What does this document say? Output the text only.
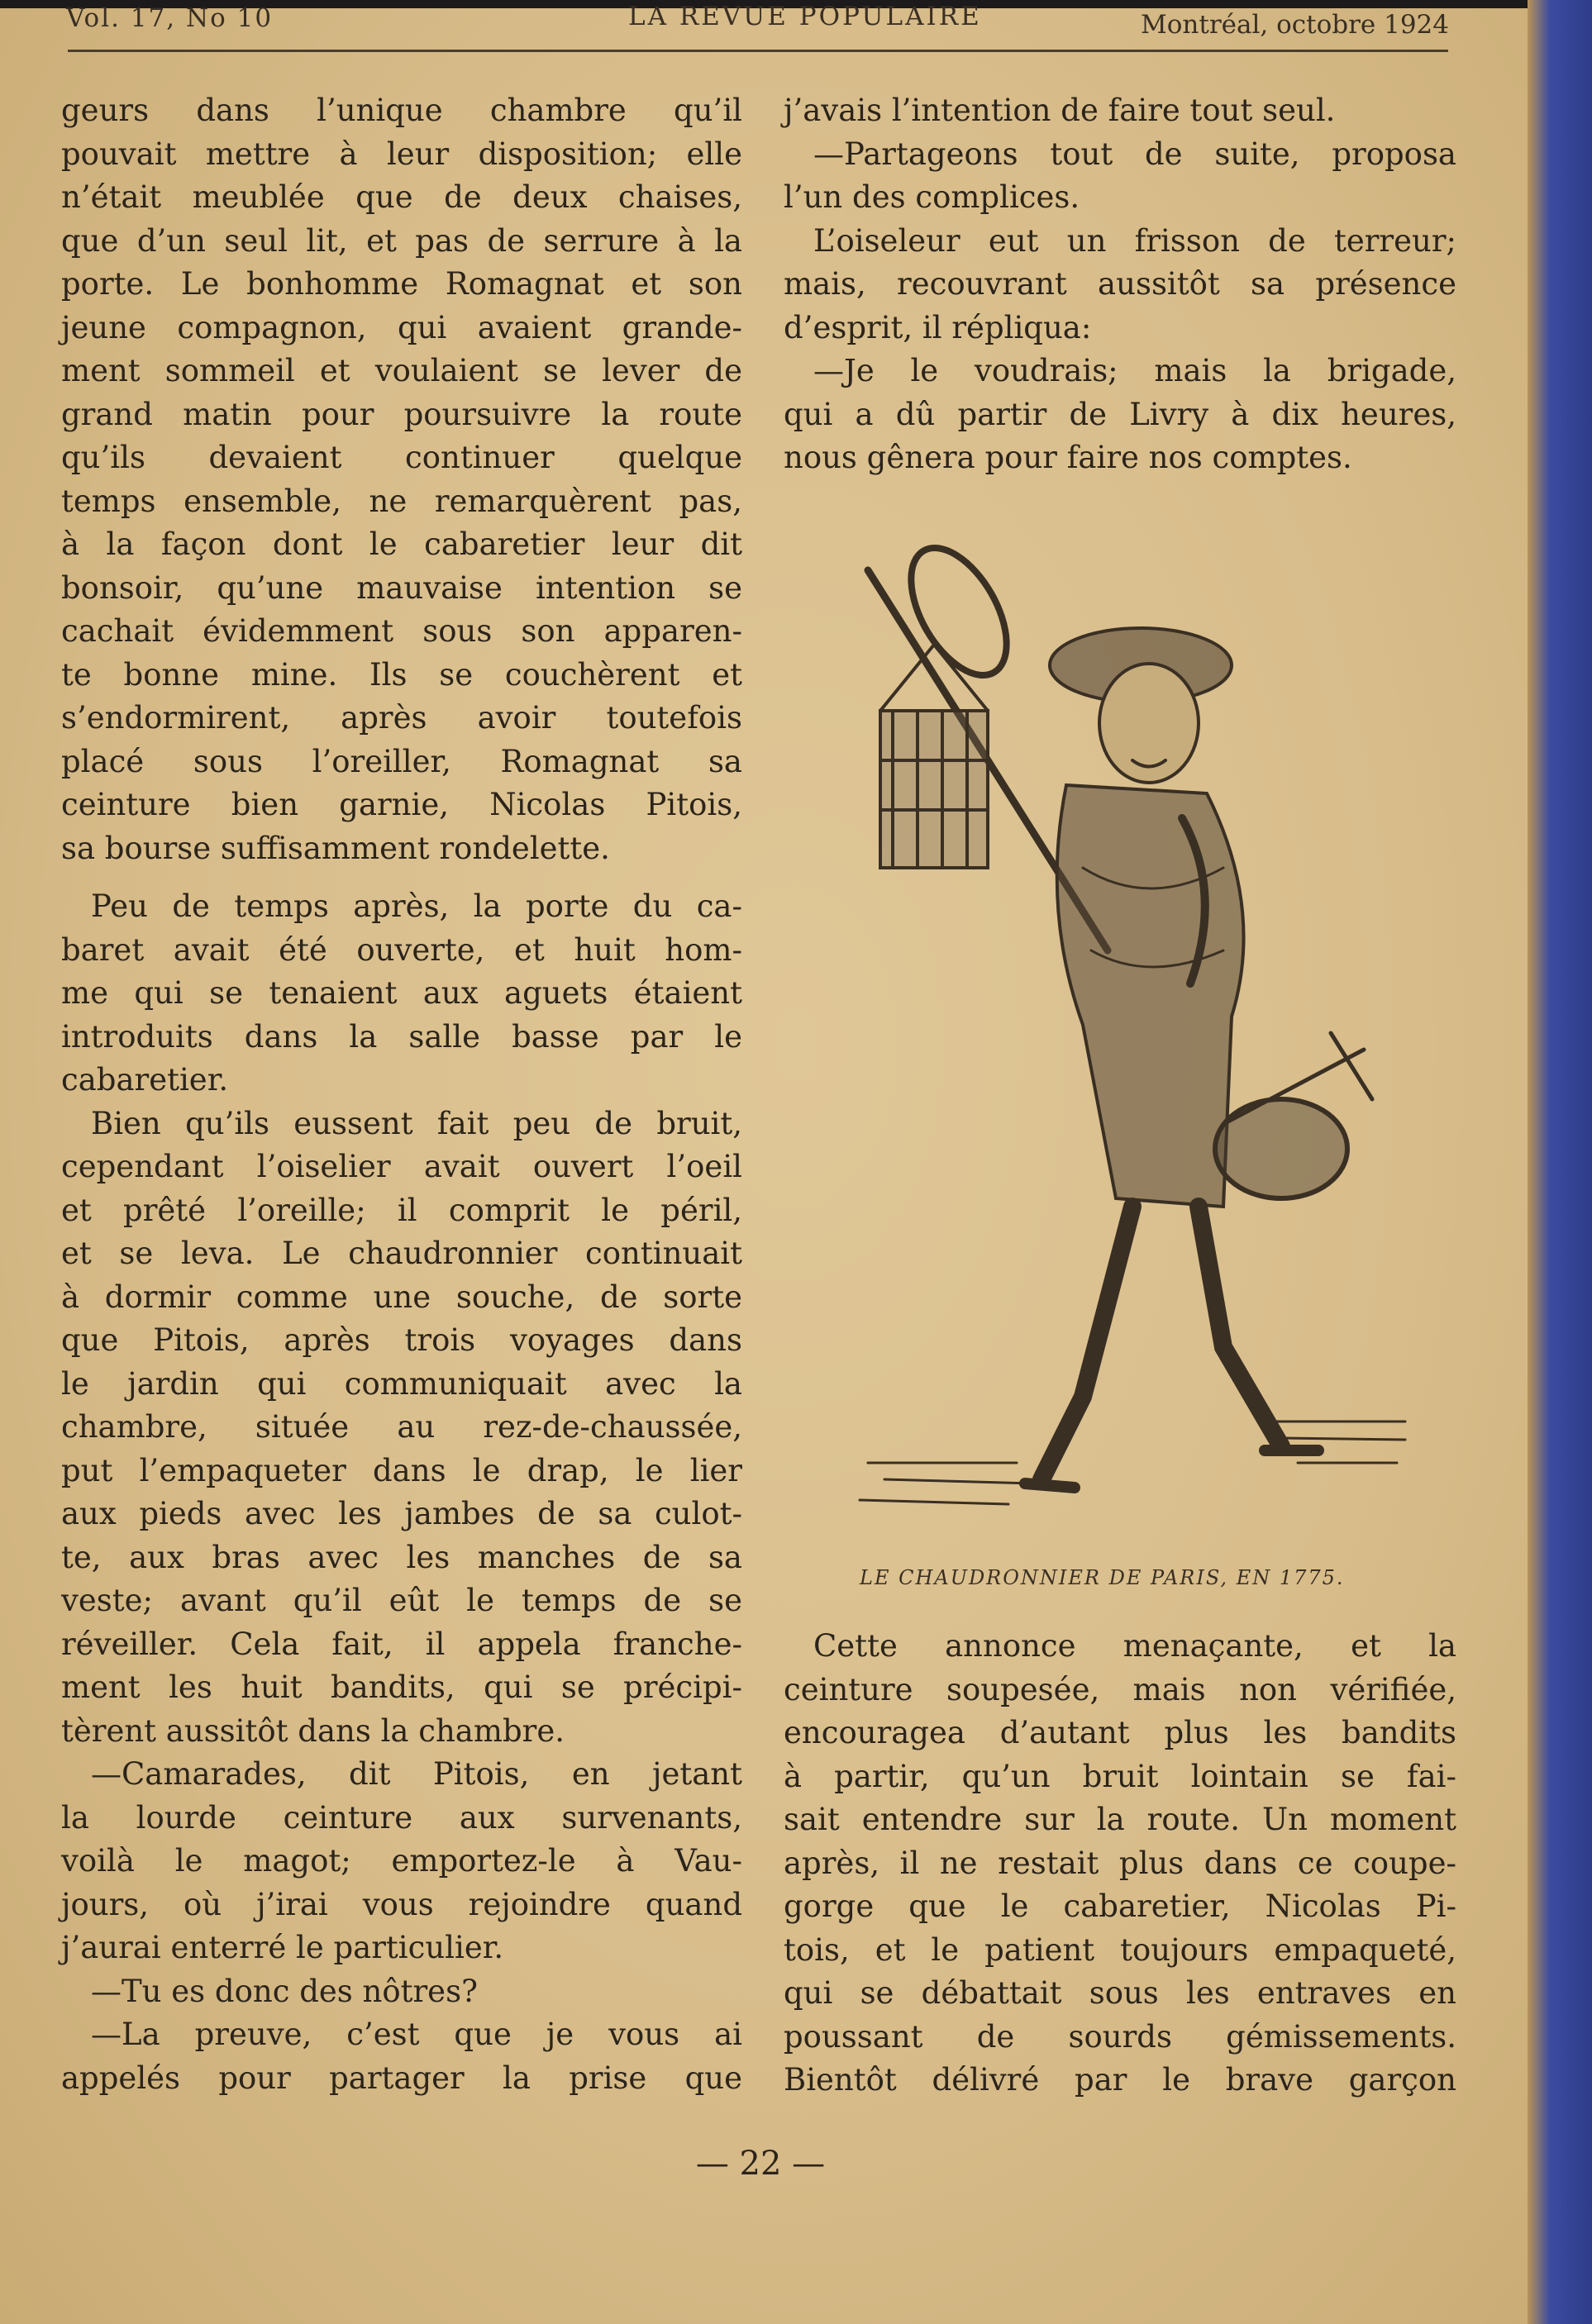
Vol. 17, No 10	LA REVUE POPULAIRE	Montréal, octobre 1924
geurs dans l’unique chambre qu’il
pouvait mettre à leur disposition; elle
n’était meublée que de deux chaises,
que d’un seul lit, et pas de serrure à la
porte. Le bonhomme Romagnat et son
jeune compagnon, qui avaient grande-
ment sommeil et voulaient se lever de
grand matin pour poursuivre la route
qu’ils devaient continuer quelque
temps ensemble, ne remarquèrent pas,
à la façon dont le cabaretier leur dit
bonsoir, qu’une mauvaise intention se
cachait évidemment sous son apparen-
te bonne mine. Ils se couchèrent et
s’endormirent, après avoir toutefois
placé sous l’oreiller, Romagnat sa
ceinture bien garnie, Nicolas Pitois,
sa bourse suffisamment rondelette.
Peu de temps après, la porte du ca-
baret avait été ouverte, et huit hom-
me qui se tenaient aux aguets étaient
introduits dans la salle basse par le
cabaretier.
Bien qu’ils eussent fait peu de bruit,
cependant l’oiselier avait ouvert l’oeil
et prêté l’oreille; il comprit le péril,
et se leva. Le chaudronnier continuait
à dormir comme une souche, de sorte
que Pitois, après trois voyages dans
le jardin qui communiquait avec la
chambre, située au rez-de-chaussée,
put l’empaqueter dans le drap, le lier
aux pieds avec les jambes de sa culot-
te, aux bras avec les manches de sa
veste; avant qu’il eût le temps de se
réveiller. Cela fait, il appela franche-
ment les huit bandits, qui se précipi-
tèrent aussitôt dans la chambre.
—Camarades, dit Pitois, en jetant
la lourde ceinture aux survenants,
voilà le magot; emportez-le à Vau-
jours, où j’irai vous rejoindre quand
j’aurai enterré le particulier.
—Tu es donc des nôtres?
—La preuve, c’est que je vous ai
appelés pour partager la prise que
j’avais l’intention de faire tout seul.
—Partageons tout de suite, proposa
l’un des complices.
L’oiseleur eut un frisson de terreur;
mais, recouvrant aussitôt sa présence
d’esprit, il répliqua:
—Je le voudrais; mais la brigade,
qui a dû partir de Livry à dix heures,
nous gênera pour faire nos comptes.
LE CHAUDRONNIER DE PARIS, EN 1775.
Cette annonce menaçante, et la
ceinture soupesée, mais non vérifiée,
encouragea d’autant plus les bandits
à partir, qu’un bruit lointain se fai-
sait entendre sur la route. Un moment
après, il ne restait plus dans ce coupe-
gorge que le cabaretier, Nicolas Pi-
tois, et le patient toujours empaqueté,
qui se débattait sous les entraves en
poussant de sourds gémissements.
Bientôt délivré par le brave garçon
— 22 —
